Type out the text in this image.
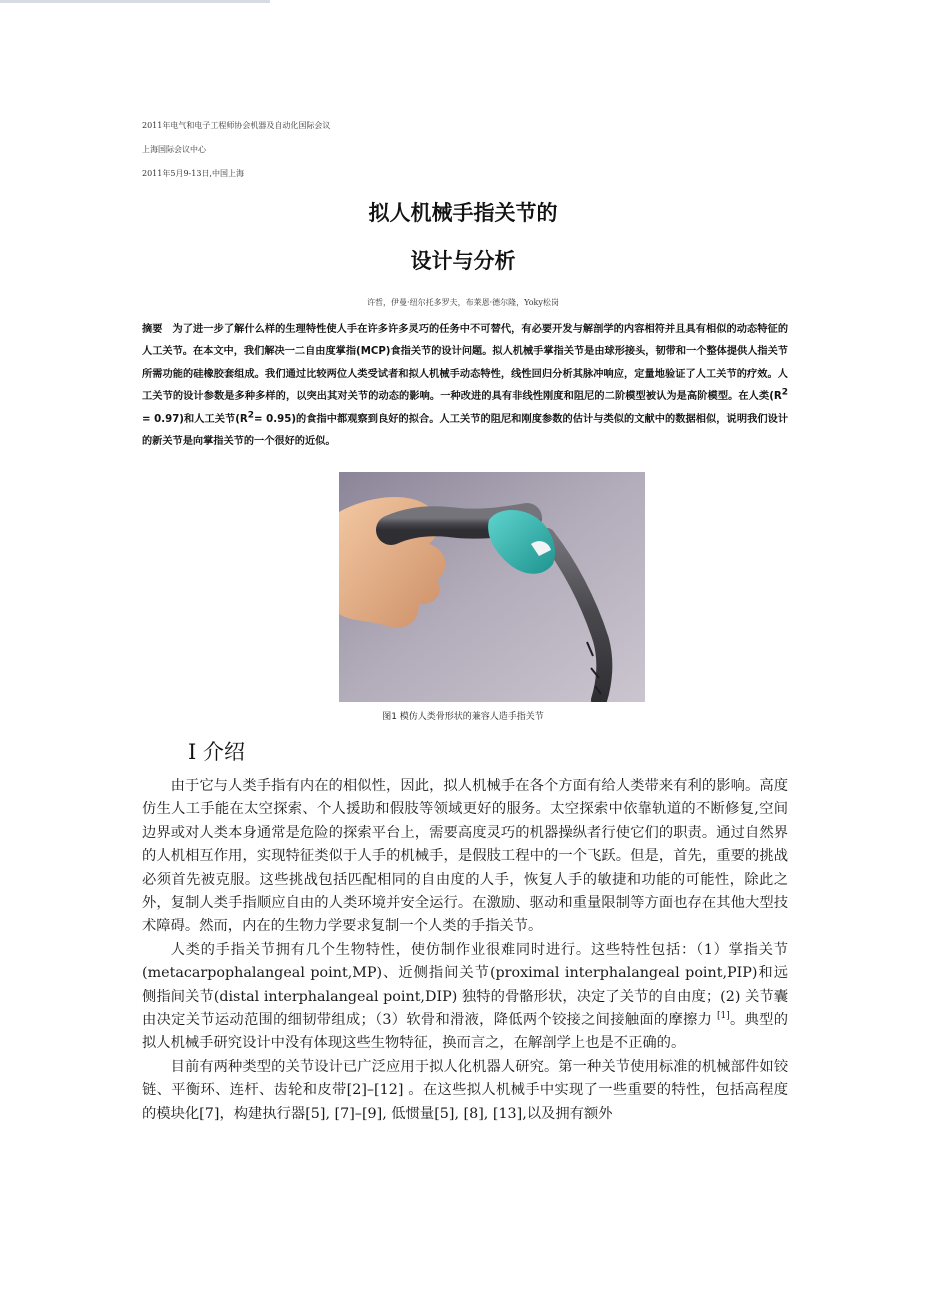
2011年电气和电子工程师协会机器及自动化国际会议
上海国际会议中心
2011年5月9-13日,中国上海
拟人机械手指关节的
设计与分析
许哲，伊曼·纽尔托多罗夫，布莱恩·德尔隆，Yoky松岗
摘要 为了进一步了解什么样的生理特性使人手在许多许多灵巧的任务中不可替代，有必要开发与解剖学的内容相符并且具有相似的动态特征的人工关节。在本文中，我们解决一二自由度掌指(MCP)食指关节的设计问题。拟人机械手掌指关节是由球形接头，韧带和一个整体提供人指关节所需功能的硅橡胶套组成。我们通过比较两位人类受试者和拟人机械手动态特性，线性回归分析其脉冲响应，定量地验证了人工关节的疗效。人工关节的设计参数是多种多样的，以突出其对关节的动态的影响。一种改进的具有非线性刚度和阻尼的二阶模型被认为是高阶模型。在人类$(R^2 = 0.97)$和人工关节$(R^2= 0.95)$的食指中都观察到良好的拟合。人工关节的阻尼和刚度参数的估计与类似的文献中的数据相似，说明我们设计的新关节是向掌指关节的一个很好的近似。
图1 模仿人类骨形状的兼容人造手指关节
I 介绍

由于它与人类手指有内在的相似性，因此，拟人机械手在各个方面有给人类带来有利的影响。高度仿生人工手能在太空探索、个人援助和假肢等领域更好的服务。太空探索中依靠轨道的不断修复,空间边界或对人类本身通常是危险的探索平台上，需要高度灵巧的机器操纵者行使它们的职责。通过自然界的人机相互作用，实现特征类似于人手的机械手，是假肢工程中的一个飞跃。但是，首先，重要的挑战必须首先被克服。这些挑战包括匹配相同的自由度的人手，恢复人手的敏捷和功能的可能性，除此之外，复制人类手指顺应自由的人类环境并安全运行。在激励、驱动和重量限制等方面也存在其他大型技术障碍。然而，内在的生物力学要求复制一个人类的手指关节。

人类的手指关节拥有几个生物特性，使仿制作业很难同时进行。这些特性包括：（1）掌指关节(metacarpophalangeal point,MP)、近侧指间关节(proximal interphalangeal point,PIP)和远侧指间关节(distal interphalangeal point,DIP) 独特的骨骼形状，决定了关节的自由度；(2) 关节囊由决定关节运动范围的细韧带组成；（3）软骨和滑液，降低两个铰接之间接触面的摩擦力 [1]。典型的拟人机械手研究设计中没有体现这些生物特征，换而言之，在解剖学上也是不正确的。

目前有两种类型的关节设计已广泛应用于拟人化机器人研究。第一种关节使用标准的机械部件如铰链、平衡环、连杆、齿轮和皮带[2]–[12] 。在这些拟人机械手中实现了一些重要的特性，包括高程度的模块化[7]，构建执行器[5], [7]–[9], 低惯量[5], [8], [13],以及拥有额外
